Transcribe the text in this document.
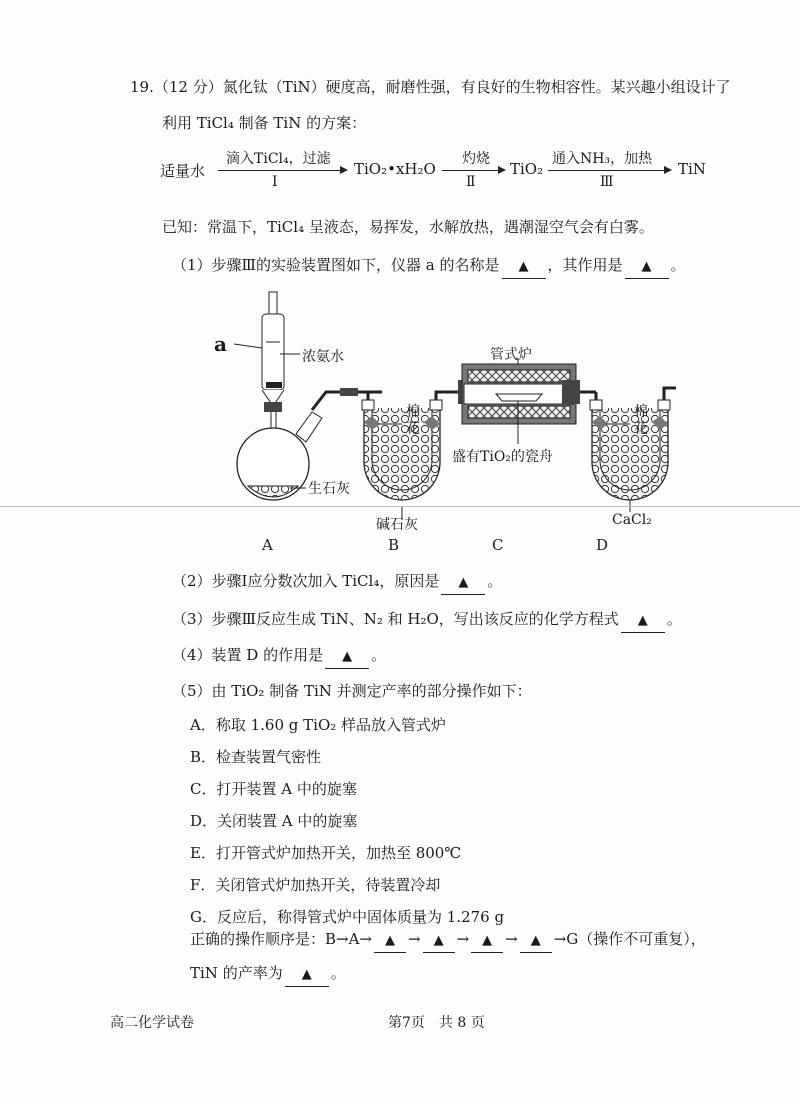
19.（12 分）氮化钛（TiN）硬度高，耐磨性强，有良好的生物相容性。某兴趣小组设计了
利用 TiCl₄ 制备 TiN 的方案：
适量水
滴入TiCl₄，过滤
Ⅰ
TiO₂•xH₂O
灼烧
Ⅱ
TiO₂
通入NH₃，加热
Ⅲ
TiN
已知：常温下，TiCl₄ 呈液态，易挥发，水解放热，遇潮湿空气会有白雾。
（1）步骤Ⅲ的实验装置图如下，仪器 a 的名称是 ▲ ，其作用是 ▲ 。
a
浓氨水
生石灰
棉花
碱石灰
管式炉
盛有TiO₂的瓷舟
棉花
CaCl₂
A	B	C	D
（2）步骤Ⅰ应分数次加入 TiCl₄，原因是 ▲ 。
（3）步骤Ⅲ反应生成 TiN、N₂ 和 H₂O，写出该反应的化学方程式 ▲ 。
（4）装置 D 的作用是 ▲ 。
（5）由 TiO₂ 制备 TiN 并测定产率的部分操作如下：
A．称取 1.60 g TiO₂ 样品放入管式炉
B．检查装置气密性
C．打开装置 A 中的旋塞
D．关闭装置 A 中的旋塞
E．打开管式炉加热开关，加热至 800℃
F．关闭管式炉加热开关，待装置冷却
G．反应后，称得管式炉中固体质量为 1.276 g
正确的操作顺序是：B→A→ ▲ → ▲ → ▲ → ▲ →G（操作不可重复），
TiN 的产率为 ▲ 。
高二化学试卷	第7页　共 8 页
